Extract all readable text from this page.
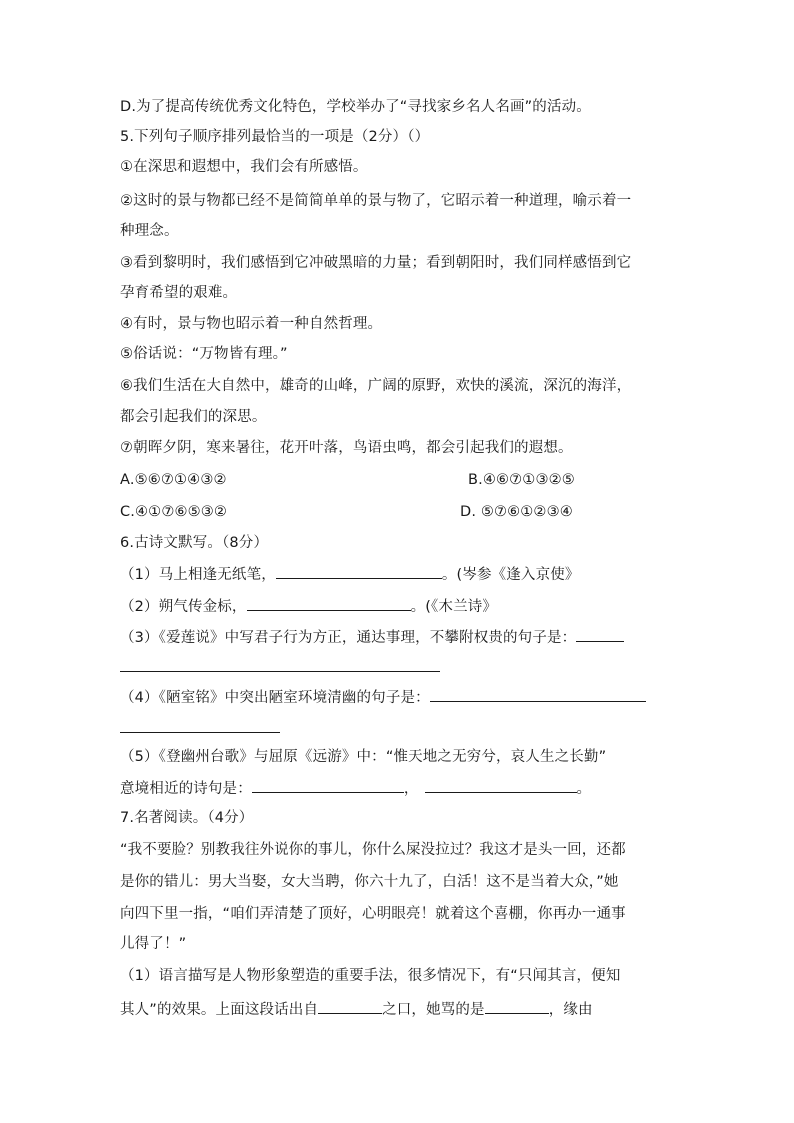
D.为了提高传统优秀文化特色，学校举办了“寻找家乡名人名画”的活动。
5.下列句子顺序排列最恰当的一项是（2分）（）
①在深思和遐想中，我们会有所感悟。
②这时的景与物都已经不是简简单单的景与物了，它昭示着一种道理，喻示着一
种理念。
③看到黎明时，我们感悟到它冲破黑暗的力量；看到朝阳时，我们同样感悟到它
孕育希望的艰难。
④有时，景与物也昭示着一种自然哲理。
⑤俗话说：“万物皆有理。”
⑥我们生活在大自然中，雄奇的山峰，广阔的原野，欢快的溪流，深沉的海洋，
都会引起我们的深思。
⑦朝晖夕阴，寒来暑往，花开叶落，鸟语虫鸣，都会引起我们的遐想。
A.⑤⑥⑦①④③②	B.④⑥⑦①③②⑤
C.④①⑦⑥⑤③②	D. ⑤⑦⑥①②③④
6.古诗文默写。（8分）
（1）马上相逢无纸笔，	。(岑参《逢入京使》
（2）朔气传金标，	。(《木兰诗》
（3）《爱莲说》中写君子行为方正，通达事理，不攀附权贵的句子是：
（4）《陋室铭》中突出陋室环境清幽的句子是：
（5）《登幽州台歌》与屈原《远游》中：“惟天地之无穷兮，哀人生之长勤”
意境相近的诗句是：	，	。
7.名著阅读。（4分）
“我不要脸？别教我往外说你的事儿，你什么屎没拉过？我这才是头一回，还都
是你的错儿：男大当娶，女大当聘，你六十九了，白活！这不是当着大众，”她
向四下里一指，“咱们弄清楚了顶好，心明眼亮！就着这个喜棚，你再办一通事
儿得了！”
（1）语言描写是人物形象塑造的重要手法，很多情况下，有“只闻其言，便知
其人”的效果。上面这段话出自	之口，她骂的是	，缘由
